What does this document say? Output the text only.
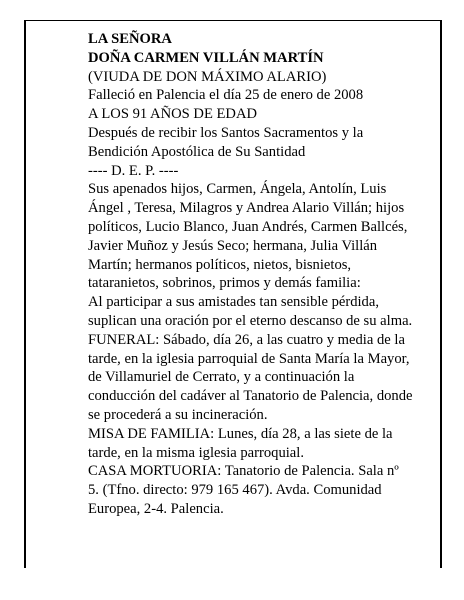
LA SEÑORA
DOÑA CARMEN VILLÁN MARTÍN
(VIUDA DE DON MÁXIMO ALARIO)
Falleció en Palencia el día 25 de enero de 2008
A LOS 91 AÑOS DE EDAD
Después de recibir los Santos Sacramentos y la
Bendición Apostólica de Su Santidad
---- D. E. P. ----
Sus apenados hijos, Carmen, Ángela, Antolín, Luis
Ángel , Teresa, Milagros y Andrea Alario Villán; hijos
políticos, Lucio Blanco, Juan Andrés, Carmen Ballcés,
Javier Muñoz y Jesús Seco; hermana, Julia Villán
Martín; hermanos políticos, nietos, bisnietos,
tataranietos, sobrinos, primos y demás familia:
Al participar a sus amistades tan sensible pérdida,
suplican una oración por el eterno descanso de su alma.
FUNERAL: Sábado, día 26, a las cuatro y media de la
tarde, en la iglesia parroquial de Santa María la Mayor,
de Villamuriel de Cerrato, y a continuación la
conducción del cadáver al Tanatorio de Palencia, donde
se procederá a su incineración.
MISA DE FAMILIA: Lunes, día 28, a las siete de la
tarde, en la misma iglesia parroquial.
CASA MORTUORIA: Tanatorio de Palencia. Sala nº
5. (Tfno. directo: 979 165 467). Avda. Comunidad
Europea, 2-4. Palencia.
